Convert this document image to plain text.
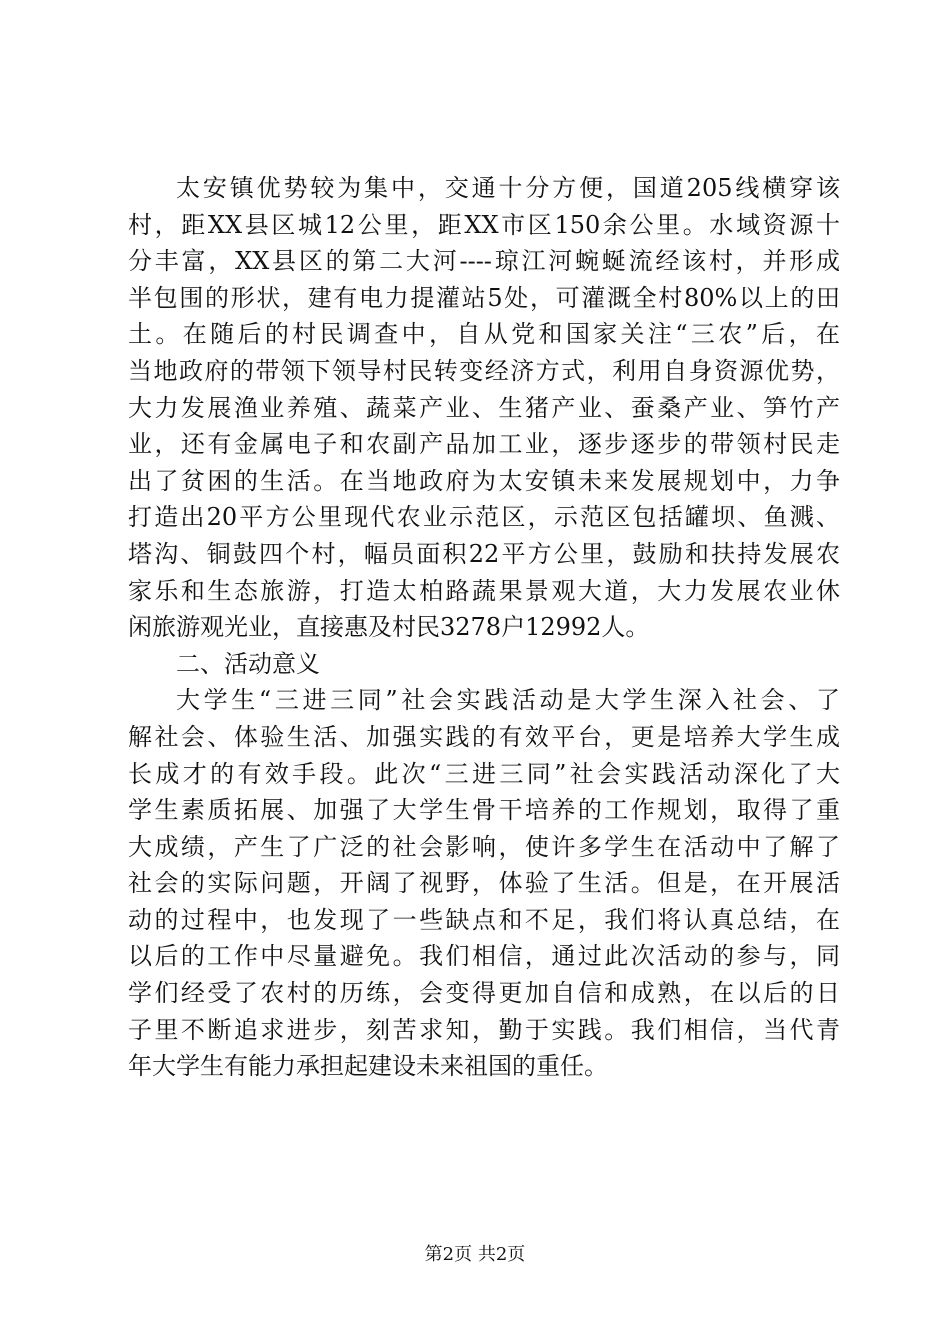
太安镇优势较为集中，交通十分方便，国道205线横穿该
村，距XX县区城12公里，距XX市区150余公里。水域资源十
分丰富，XX县区的第二大河----琼江河蜿蜒流经该村，并形成
半包围的形状，建有电力提灌站5处，可灌溉全村80%以上的田
土。在随后的村民调查中，自从党和国家关注“三农”后，在
当地政府的带领下领导村民转变经济方式，利用自身资源优势，
大力发展渔业养殖、蔬菜产业、生猪产业、蚕桑产业、笋竹产
业，还有金属电子和农副产品加工业，逐步逐步的带领村民走
出了贫困的生活。在当地政府为太安镇未来发展规划中，力争
打造出20平方公里现代农业示范区，示范区包括罐坝、鱼溅、
塔沟、铜鼓四个村，幅员面积22平方公里，鼓励和扶持发展农
家乐和生态旅游，打造太柏路蔬果景观大道，大力发展农业休
闲旅游观光业，直接惠及村民3278户12992人。
二、活动意义
大学生“三进三同”社会实践活动是大学生深入社会、了
解社会、体验生活、加强实践的有效平台，更是培养大学生成
长成才的有效手段。此次“三进三同”社会实践活动深化了大
学生素质拓展、加强了大学生骨干培养的工作规划，取得了重
大成绩，产生了广泛的社会影响，使许多学生在活动中了解了
社会的实际问题，开阔了视野，体验了生活。但是，在开展活
动的过程中，也发现了一些缺点和不足，我们将认真总结，在
以后的工作中尽量避免。我们相信，通过此次活动的参与，同
学们经受了农村的历练，会变得更加自信和成熟，在以后的日
子里不断追求进步，刻苦求知，勤于实践。我们相信，当代青
年大学生有能力承担起建设未来祖国的重任。
第2页 共2页
